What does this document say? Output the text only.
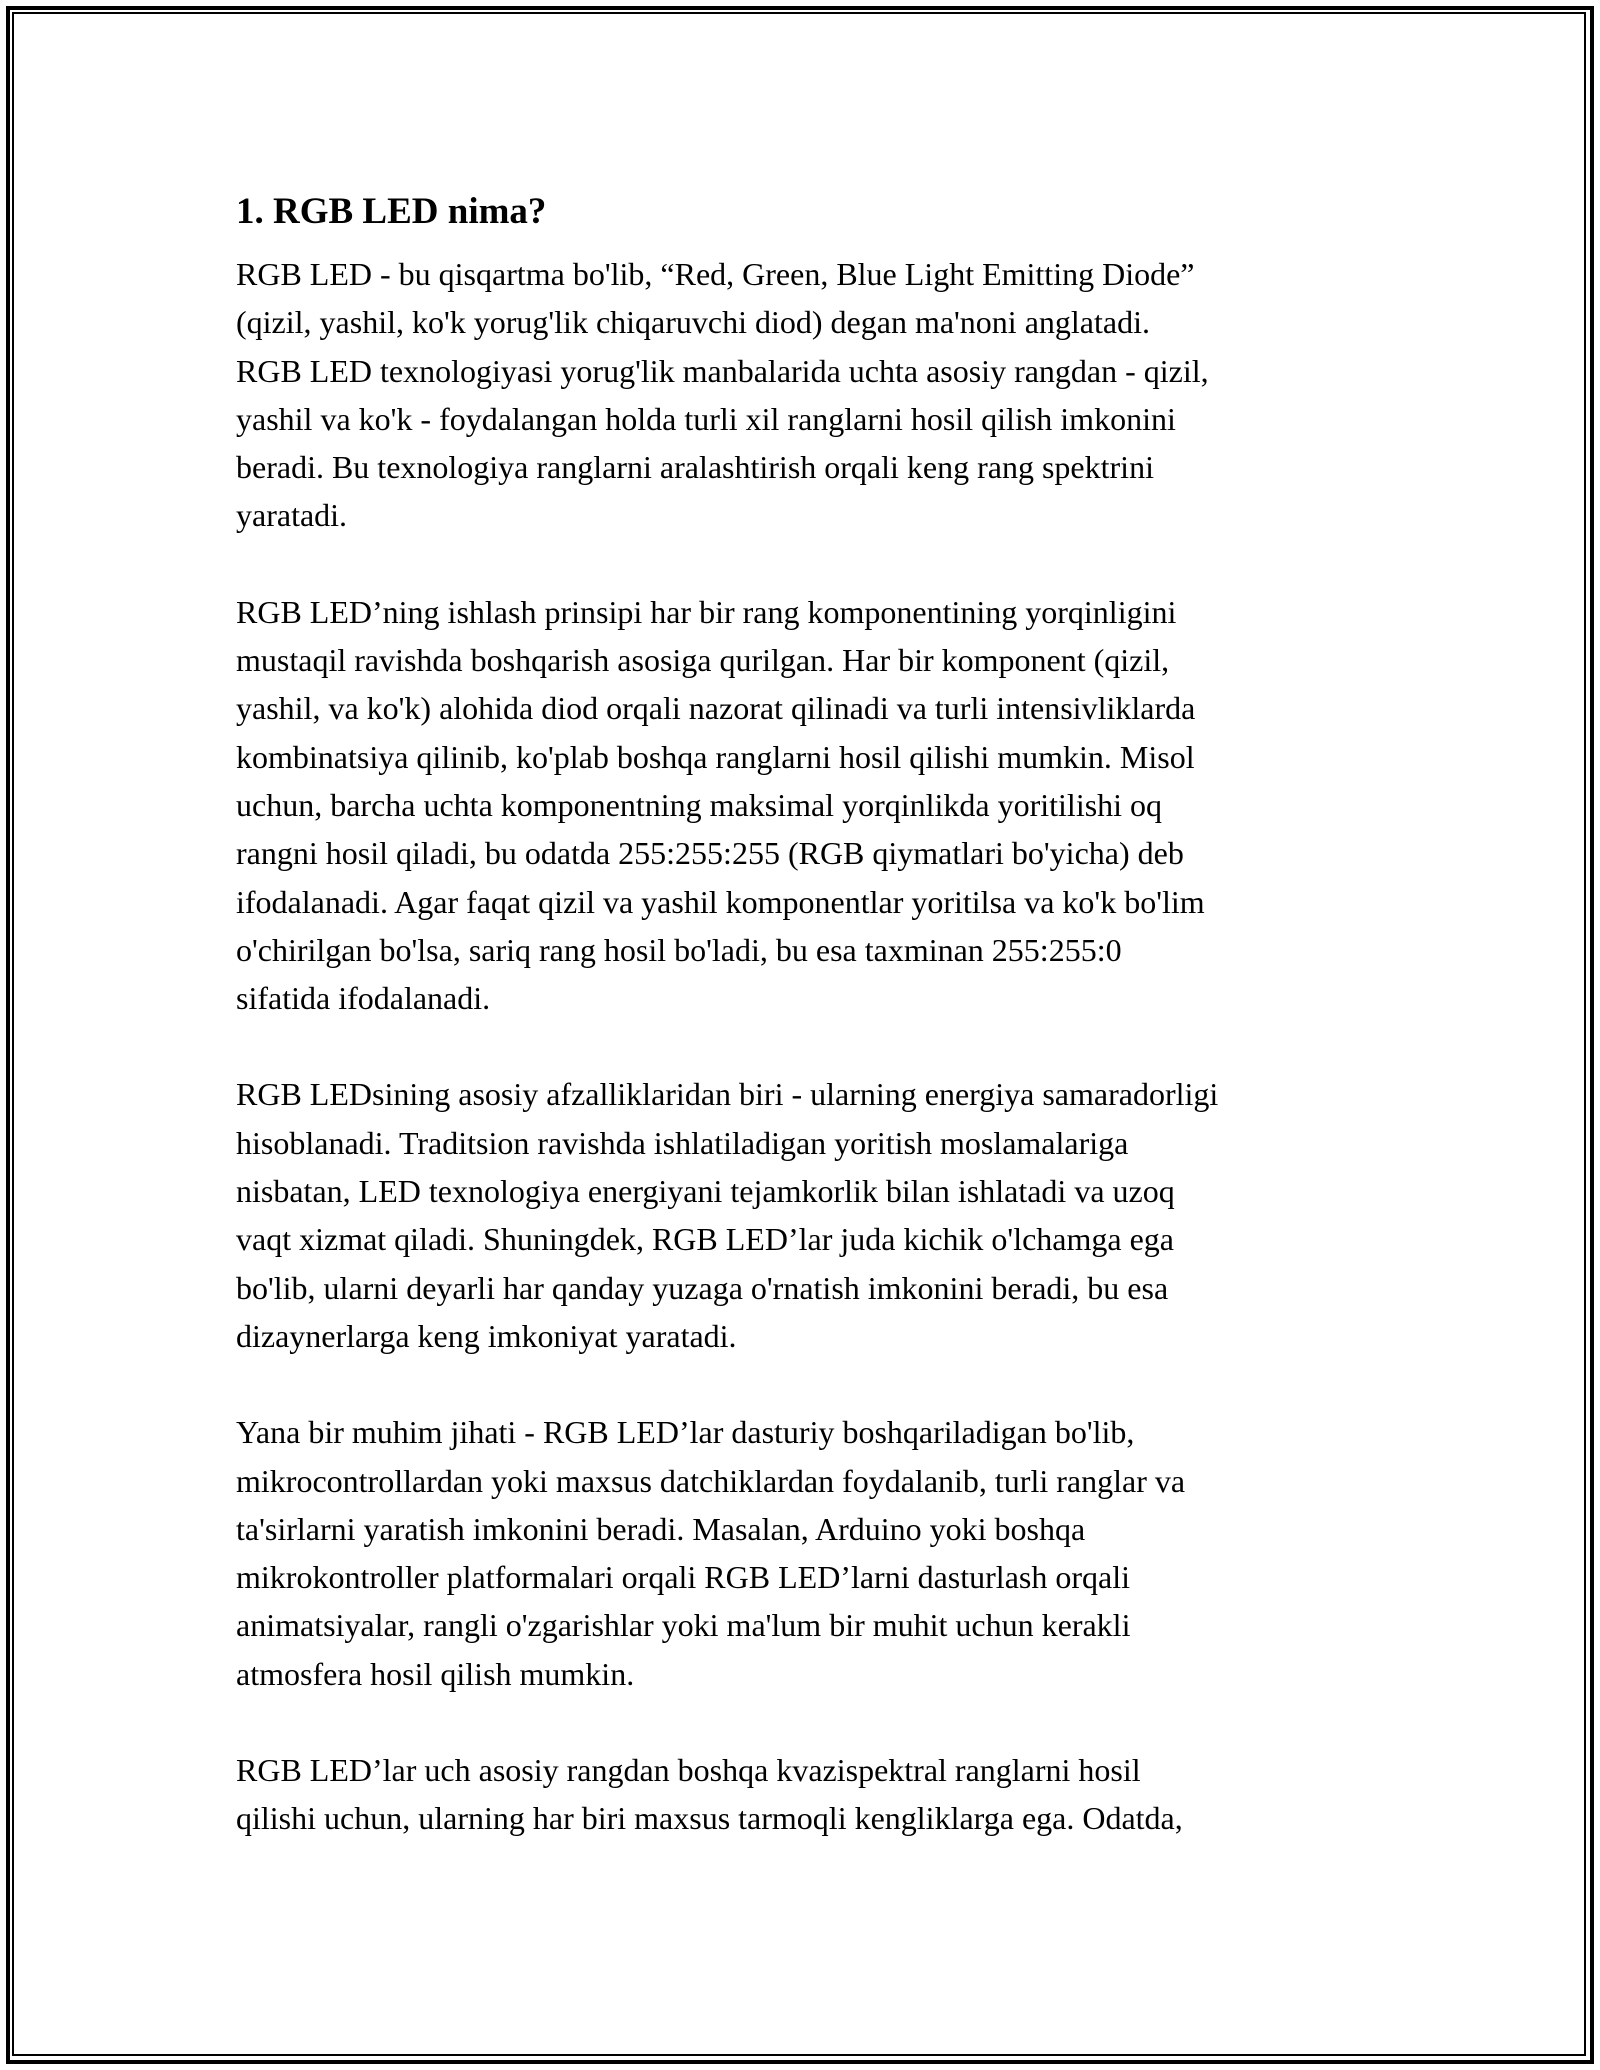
1. RGB LED nima?

RGB LED - bu qisqartma bo'lib, “Red, Green, Blue Light Emitting Diode”
(qizil, yashil, ko'k yorug'lik chiqaruvchi diod) degan ma'noni anglatadi.
RGB LED texnologiyasi yorug'lik manbalarida uchta asosiy rangdan - qizil,
yashil va ko'k - foydalangan holda turli xil ranglarni hosil qilish imkonini
beradi. Bu texnologiya ranglarni aralashtirish orqali keng rang spektrini
yaratadi.

RGB LED’ning ishlash prinsipi har bir rang komponentining yorqinligini
mustaqil ravishda boshqarish asosiga qurilgan. Har bir komponent (qizil,
yashil, va ko'k) alohida diod orqali nazorat qilinadi va turli intensivliklarda
kombinatsiya qilinib, ko'plab boshqa ranglarni hosil qilishi mumkin. Misol
uchun, barcha uchta komponentning maksimal yorqinlikda yoritilishi oq
rangni hosil qiladi, bu odatda 255:255:255 (RGB qiymatlari bo'yicha) deb
ifodalanadi. Agar faqat qizil va yashil komponentlar yoritilsa va ko'k bo'lim
o'chirilgan bo'lsa, sariq rang hosil bo'ladi, bu esa taxminan 255:255:0
sifatida ifodalanadi.

RGB LEDsining asosiy afzalliklaridan biri - ularning energiya samaradorligi
hisoblanadi. Traditsion ravishda ishlatiladigan yoritish moslamalariga
nisbatan, LED texnologiya energiyani tejamkorlik bilan ishlatadi va uzoq
vaqt xizmat qiladi. Shuningdek, RGB LED’lar juda kichik o'lchamga ega
bo'lib, ularni deyarli har qanday yuzaga o'rnatish imkonini beradi, bu esa
dizaynerlarga keng imkoniyat yaratadi.

Yana bir muhim jihati - RGB LED’lar dasturiy boshqariladigan bo'lib,
mikrocontrollardan yoki maxsus datchiklardan foydalanib, turli ranglar va
ta'sirlarni yaratish imkonini beradi. Masalan, Arduino yoki boshqa
mikrokontroller platformalari orqali RGB LED’larni dasturlash orqali
animatsiyalar, rangli o'zgarishlar yoki ma'lum bir muhit uchun kerakli
atmosfera hosil qilish mumkin.

RGB LED’lar uch asosiy rangdan boshqa kvazispektral ranglarni hosil
qilishi uchun, ularning har biri maxsus tarmoqli kengliklarga ega. Odatda,
